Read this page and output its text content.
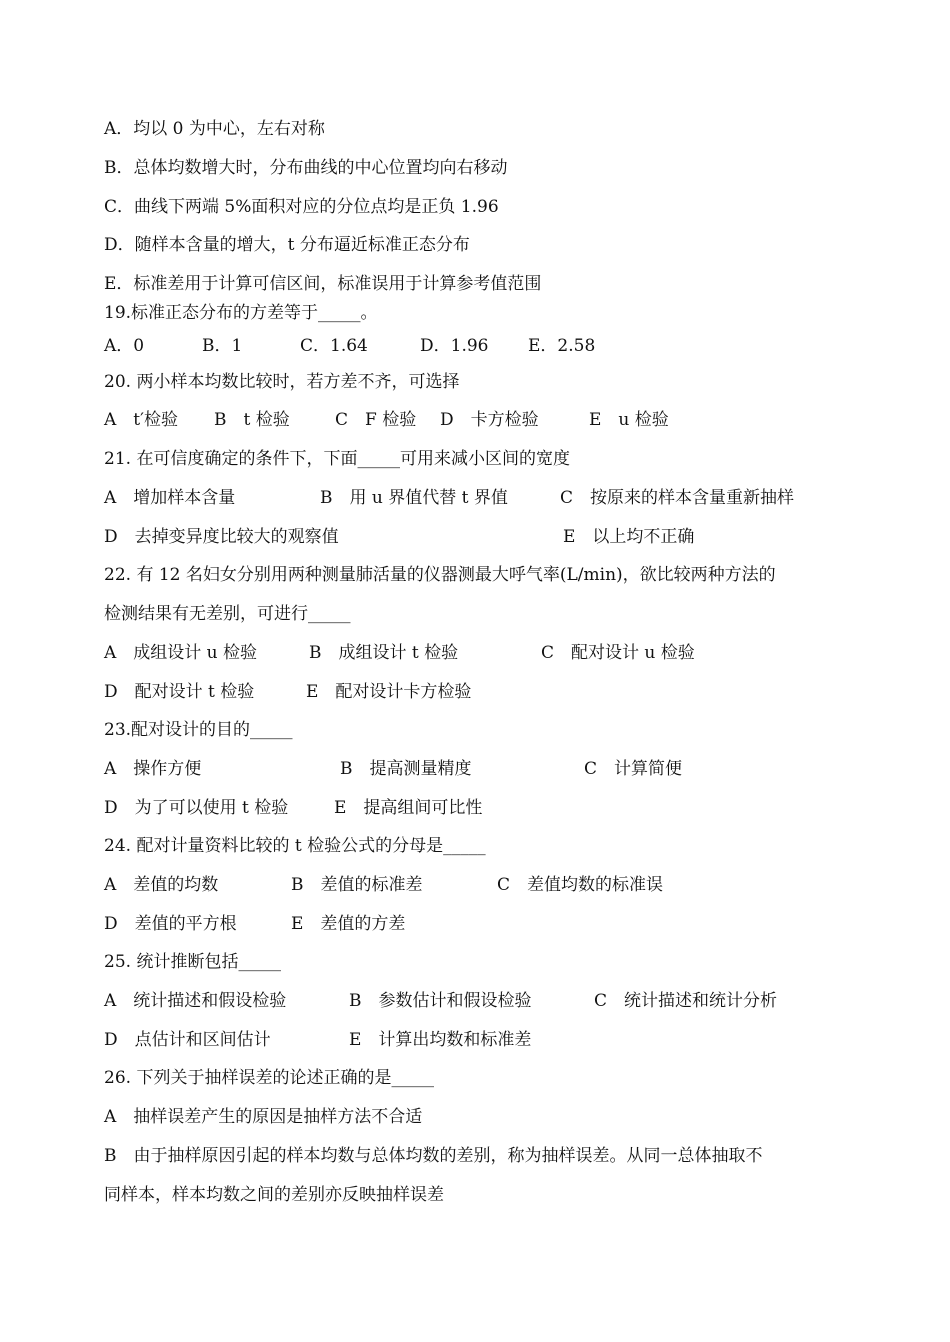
A．均以 0 为中心，左右对称
B．总体均数增大时，分布曲线的中心位置均向右移动
C．曲线下两端 5%面积对应的分位点均是正负 1.96
D．随样本含量的增大，t 分布逼近标准正态分布
E．标准差用于计算可信区间，标准误用于计算参考值范围
19.标准正态分布的方差等于_____。
A．0	B．1	C．1.64	D．1.96 E．2.58
20. 两小样本均数比较时，若方差不齐，可选择
A　t′检验 B　t 检验	C　F 检验 D　卡方检验	E　u 检验
21. 在可信度确定的条件下，下面_____可用来减小区间的宽度
A　增加样本含量	B　用 u 界值代替 t 界值	C　按原来的样本含量重新抽样
D　去掉变异度比较大的观察值	E　以上均不正确
22. 有 12 名妇女分别用两种测量肺活量的仪器测最大呼气率(L/min)，欲比较两种方法的
检测结果有无差别，可进行_____
A　成组设计 u 检验	B　成组设计 t 检验	C　配对设计 u 检验
D　配对设计 t 检验	E　配对设计卡方检验
23.配对设计的目的_____
A　操作方便	B　提高测量精度	C　计算简便
D　为了可以使用 t 检验	E　提高组间可比性
24. 配对计量资料比较的 t 检验公式的分母是_____
A　差值的均数	B　差值的标准差	C　差值均数的标准误
D　差值的平方根	E　差值的方差
25. 统计推断包括_____
A　统计描述和假设检验	B　参数估计和假设检验	C　统计描述和统计分析
D　点估计和区间估计	E　计算出均数和标准差
26. 下列关于抽样误差的论述正确的是_____
A　抽样误差产生的原因是抽样方法不合适
B　由于抽样原因引起的样本均数与总体均数的差别，称为抽样误差。从同一总体抽取不
同样本，样本均数之间的差别亦反映抽样误差
